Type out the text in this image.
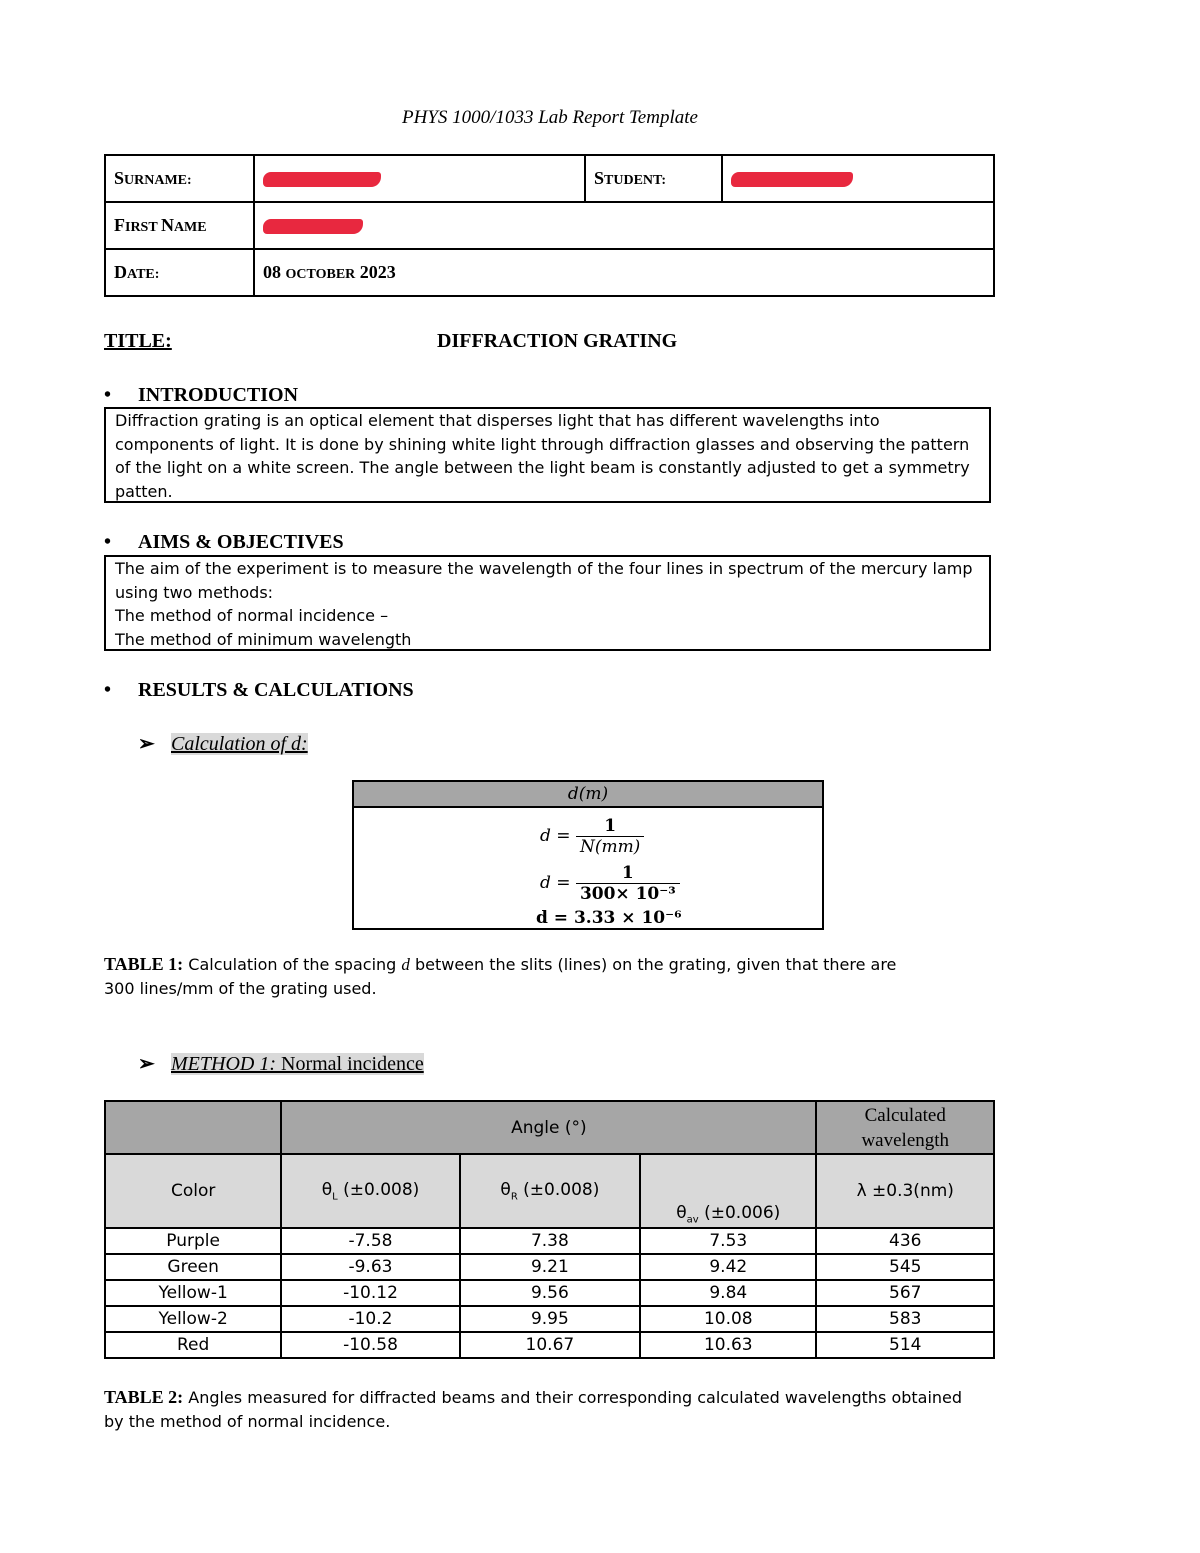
PHYS 1000/1033 Lab Report Template
SURNAME:		STUDENT:	
FIRST NAME			
DATE:	08 OCTOBER 2023		
TITLE:	DIFFRACTION GRATING
• INTRODUCTION
Diffraction grating is an optical element that disperses light that has different wavelengths into
components of light. It is done by shining white light through diffraction glasses and observing the pattern
of the light on a white screen. The angle between the light beam is constantly adjusted to get a symmetry
patten.
• AIMS & OBJECTIVES
The aim of the experiment is to measure the wavelength of the four lines in spectrum of the mercury lamp
using two methods:
The method of normal incidence –
The method of minimum wavelength
• RESULTS & CALCULATIONS
➢ Calculation of d:
d(m)
$d = \frac{1}{N(mm)}$
$d = \frac{1}{\text{300× 10⁻³}}$
d = 3.33 × 10⁻⁶
TABLE 1: Calculation of the spacing d between the slits (lines) on the grating, given that there are
300 lines/mm of the grating used.
➢ METHOD 1: Normal incidence
	Angle (°)			Calculated
wavelength

Color	$\theta_L$ (±0.008)	$\theta_R$ (±0.008)	$\theta_{av}$ (±0.006)	λ ±0.3(nm)
Purple	-7.58	7.38	7.53	436
Green	-9.63	9.21	9.42	545
Yellow-1	-10.12	9.56	9.84	567
Yellow-2	-10.2	9.95	10.08	583
Red	-10.58	10.67	10.63	514
TABLE 2: Angles measured for diffracted beams and their corresponding calculated wavelengths obtained
by the method of normal incidence.
